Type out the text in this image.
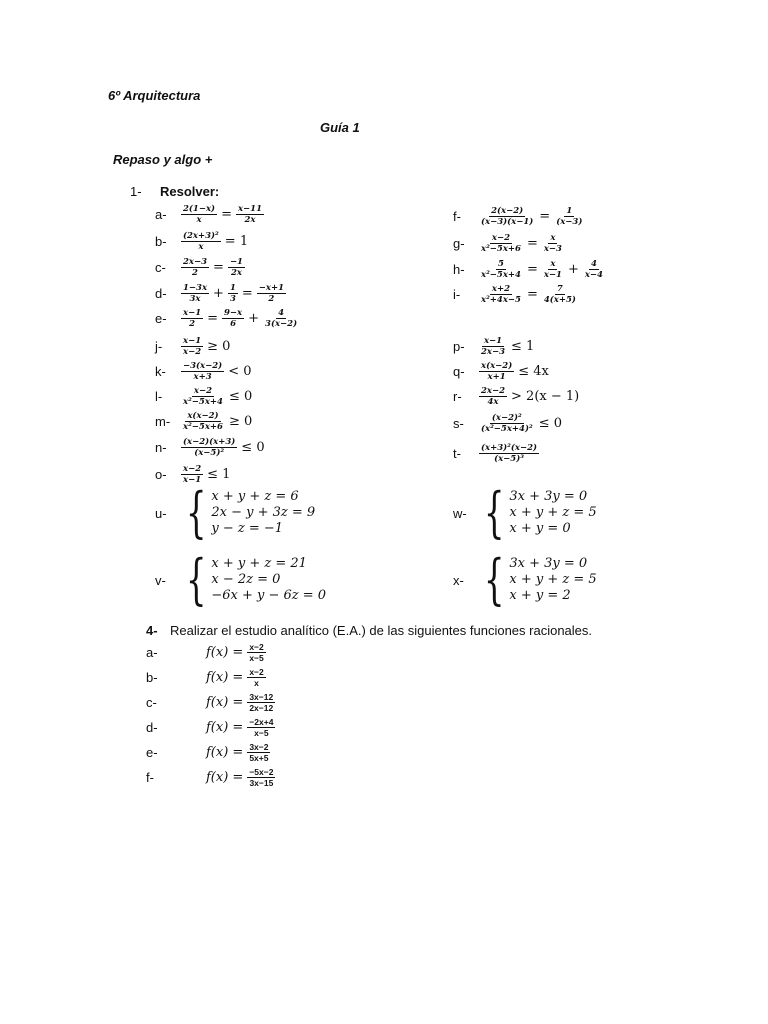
6º Arquitectura
Guía 1
Repaso y algo +
1- Resolver:
a-	$\frac{2(1-x)}{x} = \frac{x-11}{2x}$
b-	$\frac{\text{(2x+3)²}}{x} = 1$
c-	$\frac{2x-3}{2} = \frac{-1}{2x}$
d-	$\frac{1-3x}{3x} + \frac{1}{3} = \frac{-x+1}{2}$
e-	$\frac{x-1}{2} = \frac{9-x}{6} + \frac{4}{3(x-2)}$
j-	$\frac{x-1}{x-2} \ge 0$
k-	$\frac{-3(x-2)}{x+3} < 0$
l-	$\frac{x-2}{\text{x²−5x+4}} \le 0$
m-	$\frac{x(x-2)}{\text{x²−5x+6}} \ge 0$
n-	$\frac{(x-2)(x+3)}{\text{(x−5)²}} \le 0$
o-	$\frac{x-2}{x-1} \le 1$
f-	$\frac{2(x-2)}{(x-3)(x-1)} = \frac{1}{(x-3)}$
g-	$\frac{x-2}{\text{x²−5x+6}} = \frac{x}{x-3}$
h-	$\frac{5}{\text{x²−5x+4}} = \frac{x}{x-1} + \frac{4}{x-4}$
i-	$\frac{x+2}{\text{x²+4x−5}} = \frac{7}{4(x+5)}$
p-	$\frac{x-1}{2x-3} \le 1$
q-	$\frac{x(x-2)}{x+1} \le 4x$
r-	$\frac{2x-2}{4x} > 2(x - 1)$
s-	$\frac{\text{(x−2)²}}{\text{(x²−5x+4)²}} \le 0$
t-	$\frac{\text{(x+3)²(x−2)}}{\text{(x−5)³}}$
u- { x + y + z = 6
2x − y + 3z = 9
y − z = −1
w- { 3x + 3y = 0
x + y + z = 5
x + y = 0
v- { x + y + z = 21
x − 2z = 0
−6x + y − 6z = 0
x- { 3x + 3y = 0
x + y + z = 5
x + y = 2
4- Realizar el estudio analítico (E.A.) de las siguientes funciones racionales.
a-	$f(x) = \frac{x-2}{x-5}$
b-	$f(x) = \frac{x-2}{x}$
c-	$f(x) = \frac{3x-12}{2x-12}$
d-	$f(x) = \frac{-2x+4}{x-5}$
e-	$f(x) = \frac{3x-2}{5x+5}$
f-	$f(x) = \frac{-5x-2}{3x-15}$
